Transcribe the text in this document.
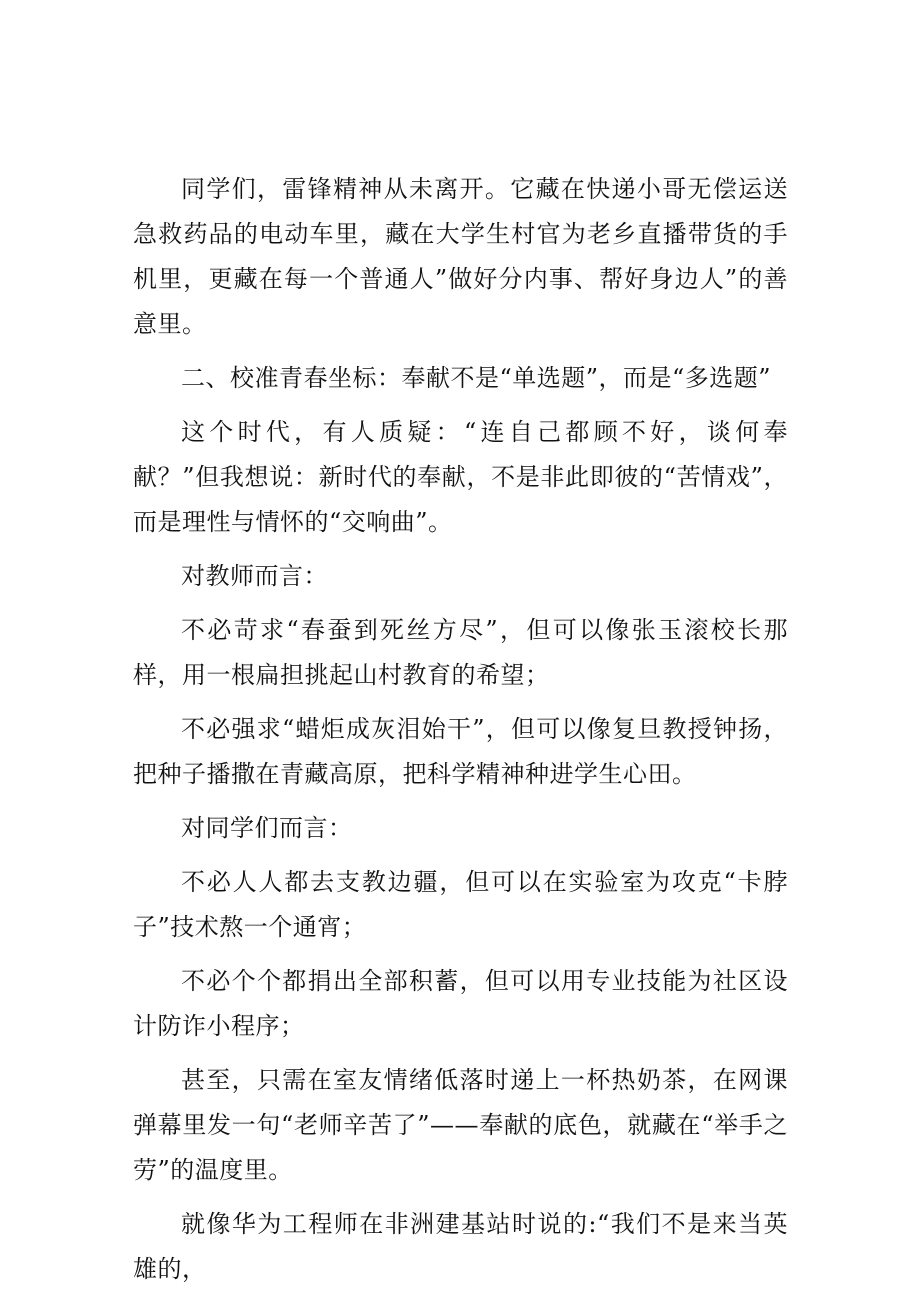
同学们，雷锋精神从未离开。它藏在快递小哥无偿运送急救药品的电动车里，藏在大学生村官为老乡直播带货的手机里，更藏在每一个普通人”做好分内事、帮好身边人”的善意里。

二、校准青春坐标：奉献不是“单选题”，而是“多选题”

这个时代，有人质疑：“连自己都顾不好，谈何奉献？”但我想说：新时代的奉献，不是非此即彼的“苦情戏”，而是理性与情怀的“交响曲”。

对教师而言：

不必苛求“春蚕到死丝方尽”，但可以像张玉滚校长那样，用一根扁担挑起山村教育的希望；

不必强求“蜡炬成灰泪始干”，但可以像复旦教授钟扬，把种子播撒在青藏高原，把科学精神种进学生心田。

对同学们而言：

不必人人都去支教边疆，但可以在实验室为攻克“卡脖子”技术熬一个通宵；

不必个个都捐出全部积蓄，但可以用专业技能为社区设计防诈小程序；

甚至，只需在室友情绪低落时递上一杯热奶茶，在网课弹幕里发一句“老师辛苦了”——奉献的底色，就藏在“举手之劳”的温度里。

就像华为工程师在非洲建基站时说的:“我们不是来当英雄的，
